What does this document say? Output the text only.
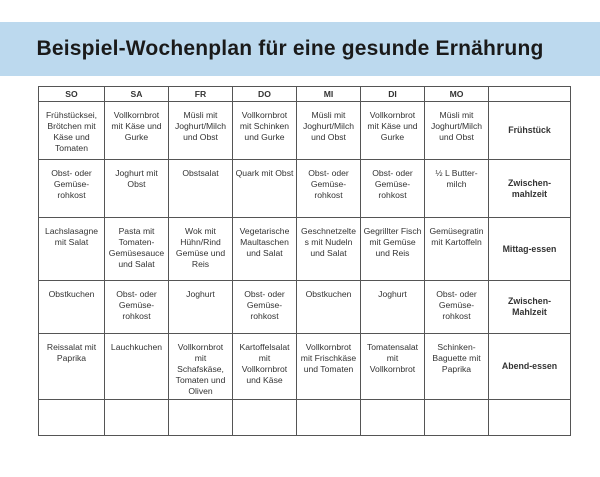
Beispiel-Wochenplan für eine gesunde Ernährung
SO	SA	FR	DO	MI	DI	MO	
Frühstücksei, Brötchen mit Käse und Tomaten	Vollkornbrot mit Käse und Gurke	Müsli mit Joghurt/Milch und Obst	Vollkornbrot mit Schinken und Gurke	Müsli mit Joghurt/Milch und Obst	Vollkornbrot mit Käse und Gurke	Müsli mit Joghurt/Milch und Obst	Frühstück
Obst- oder Gemüse-rohkost	Joghurt mit Obst	Obstsalat	Quark mit Obst	Obst- oder Gemüse-rohkost	Obst- oder Gemüse-rohkost	½ L Butter-milch	Zwischen-mahlzeit
Lachslasagne mit Salat	Pasta mit Tomaten-Gemüsesauce und Salat	Wok mit Hühn/Rind Gemüse und Reis	Vegetarische Maultaschen und Salat	Geschnetzelte s mit Nudeln und Salat	Gegrillter Fisch mit Gemüse und Reis	Gemüsegratin mit Kartoffeln	Mittag-essen
Obstkuchen	Obst- oder Gemüse-rohkost	Joghurt	Obst- oder Gemüse-rohkost	Obstkuchen	Joghurt	Obst- oder Gemüse-rohkost	Zwischen-Mahlzeit
Reissalat mit Paprika	Lauchkuchen	Vollkornbrot mit Schafskäse, Tomaten und Oliven	Kartoffelsalat mit Vollkornbrot und Käse	Vollkornbrot mit Frischkäse und Tomaten	Tomatensalat mit Vollkornbrot	Schinken-Baguette mit Paprika	Abend-essen
